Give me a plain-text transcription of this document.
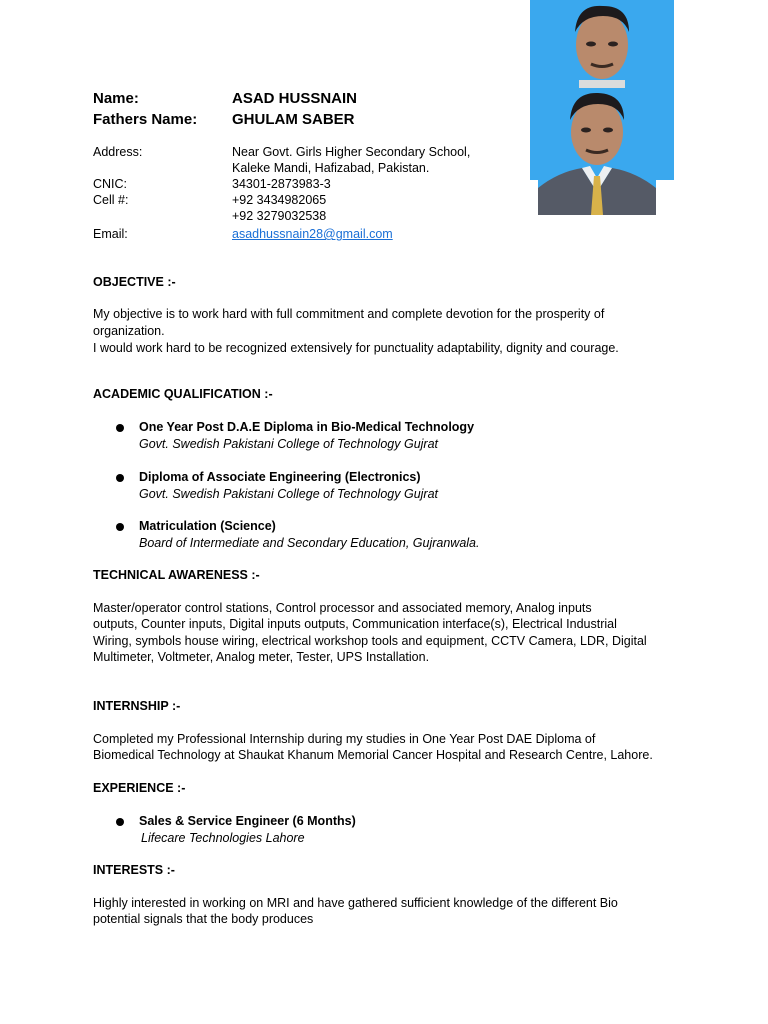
Name:	ASAD HUSSNAIN
Fathers Name: GHULAM SABER
Address:	Near Govt. Girls Higher Secondary School,
Kaleke Mandi, Hafizabad, Pakistan.
CNIC:	34301-2873983-3
Cell #:	+92 3434982065
+92 3279032538
Email:	asadhussnain28@gmail.com
OBJECTIVE :-
My objective is to work hard with full commitment and complete devotion for the prosperity of
organization.
I would work hard to be recognized extensively for punctuality adaptability, dignity and courage.
ACADEMIC QUALIFICATION :-
One Year Post D.A.E Diploma in Bio-Medical Technology
Govt. Swedish Pakistani College of Technology Gujrat
Diploma of Associate Engineering (Electronics)
Govt. Swedish Pakistani College of Technology Gujrat
Matriculation (Science)
Board of Intermediate and Secondary Education, Gujranwala.
TECHNICAL AWARENESS :-
Master/operator control stations, Control processor and associated memory, Analog inputs
outputs, Counter inputs, Digital inputs outputs, Communication interface(s), Electrical Industrial
Wiring, symbols house wiring, electrical workshop tools and equipment, CCTV Camera, LDR, Digital
Multimeter, Voltmeter, Analog meter, Tester, UPS Installation.
INTERNSHIP :-
Completed my Professional Internship during my studies in One Year Post DAE Diploma of
Biomedical Technology at Shaukat Khanum Memorial Cancer Hospital and Research Centre, Lahore.
EXPERIENCE :-
Sales & Service Engineer (6 Months)
Lifecare Technologies Lahore
INTERESTS :-
Highly interested in working on MRI and have gathered sufficient knowledge of the different Bio
potential signals that the body produces
